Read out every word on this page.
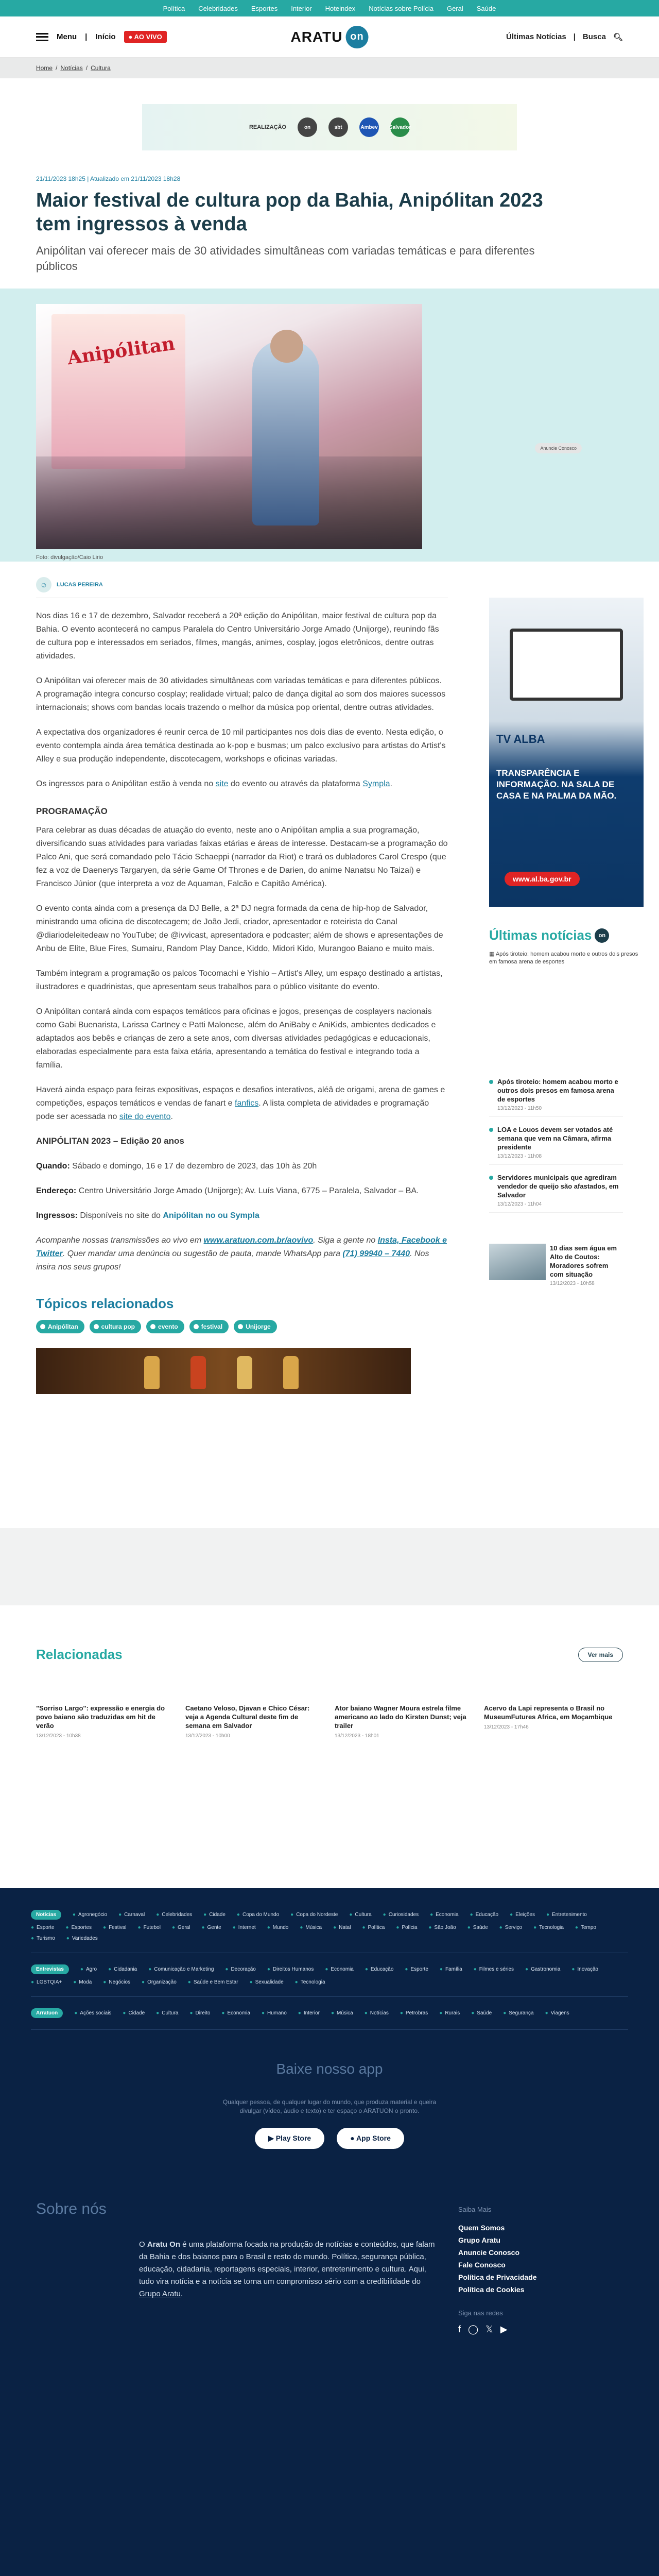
Política Celebridades Esportes Interior Hoteindex Notícias sobre Polícia Geral Saúde
Menu | Início	● AO VIVO	ARATU on	Últimas Notícias | Busca 🔍︎
Home / Notícias / Cultura
REALIZAÇÃO	on	sbt	Ambev Salvador
21/11/2023 18h25 | Atualizado em 21/11/2023 18h28
Maior festival de cultura pop da Bahia, Anipólitan 2023 tem ingressos à venda

Anipólitan vai oferecer mais de 30 atividades simultâneas com variadas temáticas e para diferentes públicos

Anipólitan
Foto: divulgação/Caio Lirio
Anuncie Conosco
☺	LUCAS PEREIRA

Nos dias 16 e 17 de dezembro, Salvador receberá a 20ª edição do Anipólitan, maior festival de cultura pop da Bahia. O evento acontecerá no campus Paralela do Centro Universitário Jorge Amado (Unijorge), reunindo fãs de cultura pop e interessados em seriados, filmes, mangás, animes, cosplay, jogos eletrônicos, dentre outras atividades.

O Anipólitan vai oferecer mais de 30 atividades simultâneas com variadas temáticas e para diferentes públicos. A programação integra concurso cosplay; realidade virtual; palco de dança digital ao som dos maiores sucessos internacionais; shows com bandas locais trazendo o melhor da música pop oriental, dentre outras atividades.

A expectativa dos organizadores é reunir cerca de 10 mil participantes nos dois dias de evento. Nesta edição, o evento contempla ainda área temática destinada ao k-pop e busmas; um palco exclusivo para artistas do Artist's Alley e sua produção independente, discotecagem, workshops e oficinas variadas.

Os ingressos para o Anipólitan estão à venda no site do evento ou através da plataforma Sympla.

PROGRAMAÇÃO

Para celebrar as duas décadas de atuação do evento, neste ano o Anipólitan amplia a sua programação, diversificando suas atividades para variadas faixas etárias e áreas de interesse. Destacam-se a programação do Palco Ani, que será comandado pelo Tácio Schaeppi (narrador da Riot) e trará os dubladores Carol Crespo (que fez a voz de Daenerys Targaryen, da série Game Of Thrones e de Darien, do anime Nanatsu No Taizai) e Francisco Júnior (que interpreta a voz de Aquaman, Falcão e Capitão América).

O evento conta ainda com a presença da DJ Belle, a 2ª DJ negra formada da cena de hip-hop de Salvador, ministrando uma oficina de discotecagem; de João Jedi, criador, apresentador e roteirista do Canal @diariodeleitedeaw no YouTube; de @ivvicast, apresentadora e podcaster; além de shows e apresentações de Anbu de Elite, Blue Fires, Sumairu, Random Play Dance, Kiddo, Midori Kido, Murangoo Baiano e muito mais.

Também integram a programação os palcos Tocomachi e Yishio – Artist's Alley, um espaço destinado a artistas, ilustradores e quadrinistas, que apresentam seus trabalhos para o público visitante do evento.

O Anipólitan contará ainda com espaços temáticos para oficinas e jogos, presenças de cosplayers nacionais como Gabi Buenarista, Larissa Cartney e Patti Malonese, além do AniBaby e AniKids, ambientes dedicados e adaptados aos bebês e crianças de zero a sete anos, com diversas atividades pedagógicas e educacionais, elaboradas especialmente para esta faixa etária, apresentando a temática do festival e integrando toda a família.

Haverá ainda espaço para feiras expositivas, espaços e desafios interativos, aléâ de origami, arena de games e competições, espaços temáticos e vendas de fanart e fanfics. A lista completa de atividades e programação pode ser acessada no site do evento.

ANIPÓLITAN 2023 – Edição 20 anos

Quando: Sábado e domingo, 16 e 17 de dezembro de 2023, das 10h às 20h

Endereço: Centro Universitário Jorge Amado (Unijorge); Av. Luís Viana, 6775 – Paralela, Salvador – BA.

Ingressos: Disponíveis no site do Anipólitan no ou Sympla

Acompanhe nossas transmissões ao vivo em www.aratuon.com.br/aovivo. Siga a gente no Insta, Facebook e Twitter. Quer mandar uma denúncia ou sugestão de pauta, mande WhatsApp para (71) 99940 – 7440. Nos insira nos seus grupos!

Tópicos relacionados
Anipólitan	cultura pop	evento	festival	Unijorge
TV ALBA
TRANSPARÊNCIA E INFORMAÇÃO. NA SALA DE CASA E NA PALMA DA MÃO.
www.al.ba.gov.br
Últimas notícias	on
▦ Após tiroteio: homem acabou morto e outros dois presos em famosa arena de esportes
Após tiroteio: homem acabou morto e outros dois presos em famosa arena de esportes
13/12/2023 - 11h50
LOA e Louos devem ser votados até semana que vem na Câmara, afirma presidente
13/12/2023 - 11h08
Servidores municipais que agrediram vendedor de queijo são afastados, em Salvador
13/12/2023 - 11h04
10 dias sem água em Alto de Coutos: Moradores sofrem com situação
13/12/2023 - 10h58
Relacionadas	Ver mais
"Sorriso Largo": expressão e energia do povo baiano são traduzidas em hit de verão
13/12/2023 - 10h38
Caetano Veloso, Djavan e Chico César: veja a Agenda Cultural deste fim de semana em Salvador
13/12/2023 - 10h00
Ator baiano Wagner Moura estrela filme americano ao lado do Kirsten Dunst; veja trailer
13/12/2023 - 18h01
Acervo da Lapi representa o Brasil no MuseumFutures Africa, em Moçambique
13/12/2023 - 17h46
Notícias	● Agronegócio	● Carnaval	● Celebridades	● Cidade	● Copa do Mundo	● Copa do Nordeste	● Cultura	● Curiosidades	● Economia	● Educação	● Eleições	● Entretenimento
● Esporte	● Esportes	● Festival	● Futebol	● Geral	● Gente	● Internet	● Mundo	● Música	● Natal	● Política	● Polícia	● São João	● Saúde	● Serviço	● Tecnologia	● Tempo
● Turismo	● Variedades
Entrevistas	● Agro	● Cidadania	● Comunicação e Marketing	● Decoração	● Direitos Humanos	● Economia	● Educação	● Esporte	● Família	● Filmes e séries	● Gastronomia	● Inovação
● LGBTQIA+	● Moda	● Negócios	● Organização	● Saúde e Bem Estar	● Sexualidade	● Tecnologia
Arratuon	● Ações sociais	● Cidade	● Cultura	● Direito	● Economia	● Humano	● Interior	● Música	● Notícias	● Petrobras	● Rurais	● Saúde	● Segurança	● Viagens
Baixe nosso app
Qualquer pessoa, de qualquer lugar do mundo, que produza material e queira divulgar (vídeo, áudio e texto) e ter espaço o ARATUON o pronto.
▶ Play Store	● App Store
Sobre nós

O Aratu On é uma plataforma focada na produção de notícias e conteúdos, que falam da Bahia e dos baianos para o Brasil e resto do mundo. Política, segurança pública, educação, cidadania, reportagens especiais, interior, entretenimento e cultura. Aqui, tudo vira notícia e a notícia se torna um compromisso sério com a credibilidade do Grupo Aratu.

Saiba Mais
Quem Somos
Grupo Aratu
Anuncie Conosco
Fale Conosco
Política de Privacidade
Política de Cookies
Siga nas redes
f ◯ 𝕏 ▶
